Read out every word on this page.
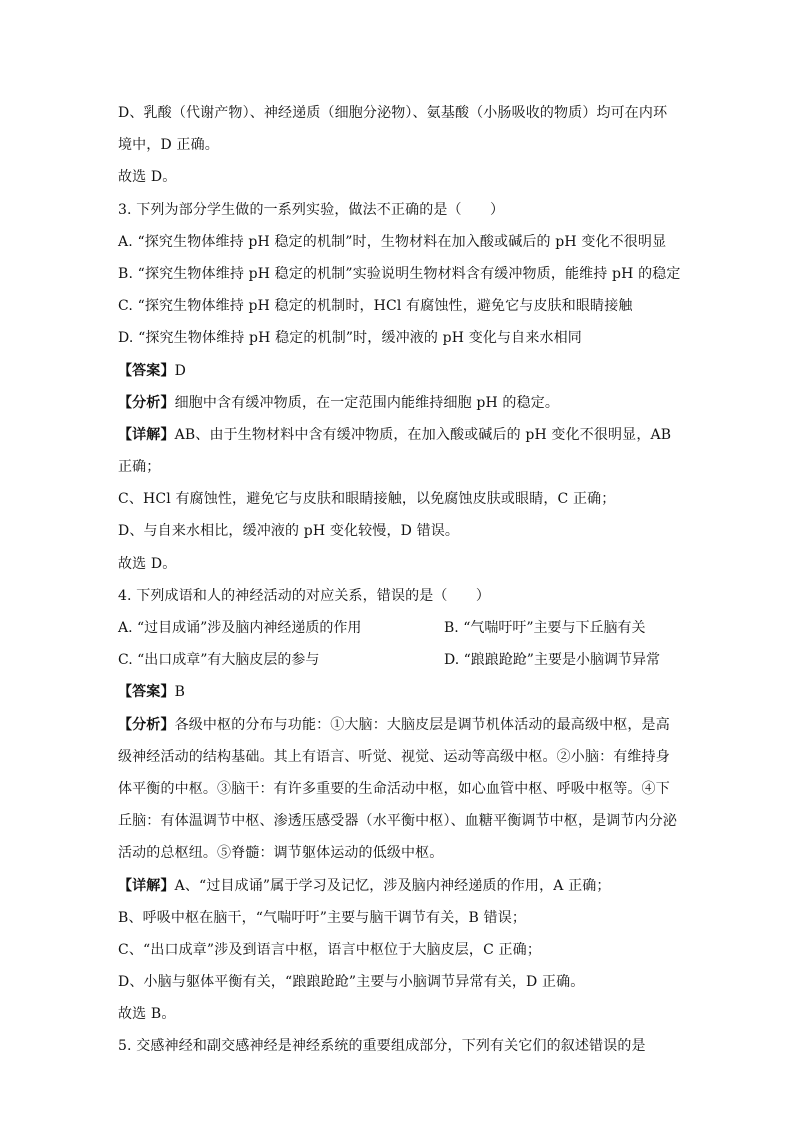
D、乳酸（代谢产物）、神经递质（细胞分泌物）、氨基酸（小肠吸收的物质）均可在内环
境中，D 正确。
故选 D。
3. 下列为部分学生做的一系列实验，做法不正确的是（　　）
A. “探究生物体维持 pH 稳定的机制”时，生物材料在加入酸或碱后的 pH 变化不很明显
B. “探究生物体维持 pH 稳定的机制”实验说明生物材料含有缓冲物质，能维持 pH 的稳定
C. “探究生物体维持 pH 稳定的机制时，HCl 有腐蚀性，避免它与皮肤和眼睛接触
D. “探究生物体维持 pH 稳定的机制”时，缓冲液的 pH 变化与自来水相同
【答案】D
【分析】细胞中含有缓冲物质，在一定范围内能维持细胞 pH 的稳定。
【详解】AB、由于生物材料中含有缓冲物质，在加入酸或碱后的 pH 变化不很明显，AB
正确；
C、HCl 有腐蚀性，避免它与皮肤和眼睛接触，以免腐蚀皮肤或眼睛，C 正确；
D、与自来水相比，缓冲液的 pH 变化较慢，D 错误。
故选 D。
4. 下列成语和人的神经活动的对应关系，错误的是（　　）
A. “过目成诵”涉及脑内神经递质的作用	B. “气喘吁吁”主要与下丘脑有关
C. “出口成章”有大脑皮层的参与	D. “踉踉跄跄”主要是小脑调节异常
【答案】B
【分析】各级中枢的分布与功能：①大脑：大脑皮层是调节机体活动的最高级中枢，是高
级神经活动的结构基础。其上有语言、听觉、视觉、运动等高级中枢。②小脑：有维持身
体平衡的中枢。③脑干：有许多重要的生命活动中枢，如心血管中枢、呼吸中枢等。④下
丘脑：有体温调节中枢、渗透压感受器（水平衡中枢）、血糖平衡调节中枢，是调节内分泌
活动的总枢纽。⑤脊髓：调节躯体运动的低级中枢。
【详解】A、“过目成诵”属于学习及记忆，涉及脑内神经递质的作用，A 正确；
B、呼吸中枢在脑干，“气喘吁吁”主要与脑干调节有关，B 错误；
C、“出口成章”涉及到语言中枢，语言中枢位于大脑皮层，C 正确；
D、小脑与躯体平衡有关，“踉踉跄跄”主要与小脑调节异常有关，D 正确。
故选 B。
5. 交感神经和副交感神经是神经系统的重要组成部分，下列有关它们的叙述错误的是
